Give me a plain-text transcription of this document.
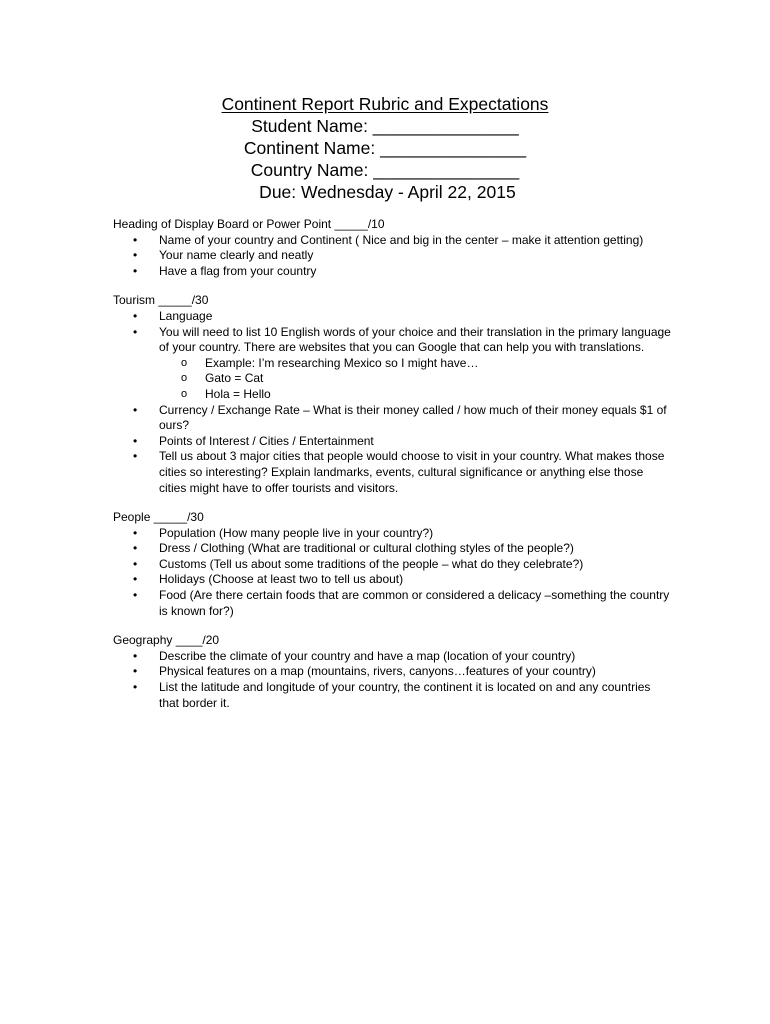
Continent Report Rubric and Expectations
Student Name: _______________
Continent Name: _______________
Country Name: _______________
Due: Wednesday - April 22, 2015
Heading of Display Board or Power Point _____/10
• Name of your country and Continent ( Nice and big in the center – make it attention getting)
• Your name clearly and neatly
• Have a flag from your country
Tourism _____/30
• Language
• You will need to list 10 English words of your choice and their translation in the primary language of your country. There are websites that you can Google that can help you with translations.
o Example: I’m researching Mexico so I might have…
o Gato = Cat
o Hola = Hello
• Currency / Exchange Rate – What is their money called / how much of their money equals $1 of ours?
• Points of Interest / Cities / Entertainment
• Tell us about 3 major cities that people would choose to visit in your country. What makes those cities so interesting? Explain landmarks, events, cultural significance or anything else those cities might have to offer tourists and visitors.
People _____/30
• Population (How many people live in your country?)
• Dress / Clothing (What are traditional or cultural clothing styles of the people?)
• Customs (Tell us about some traditions of the people – what do they celebrate?)
• Holidays (Choose at least two to tell us about)
• Food (Are there certain foods that are common or considered a delicacy –something the country is known for?)
Geography ____/20
• Describe the climate of your country and have a map (location of your country)
• Physical features on a map (mountains, rivers, canyons…features of your country)
• List the latitude and longitude of your country, the continent it is located on and any countries that border it.
